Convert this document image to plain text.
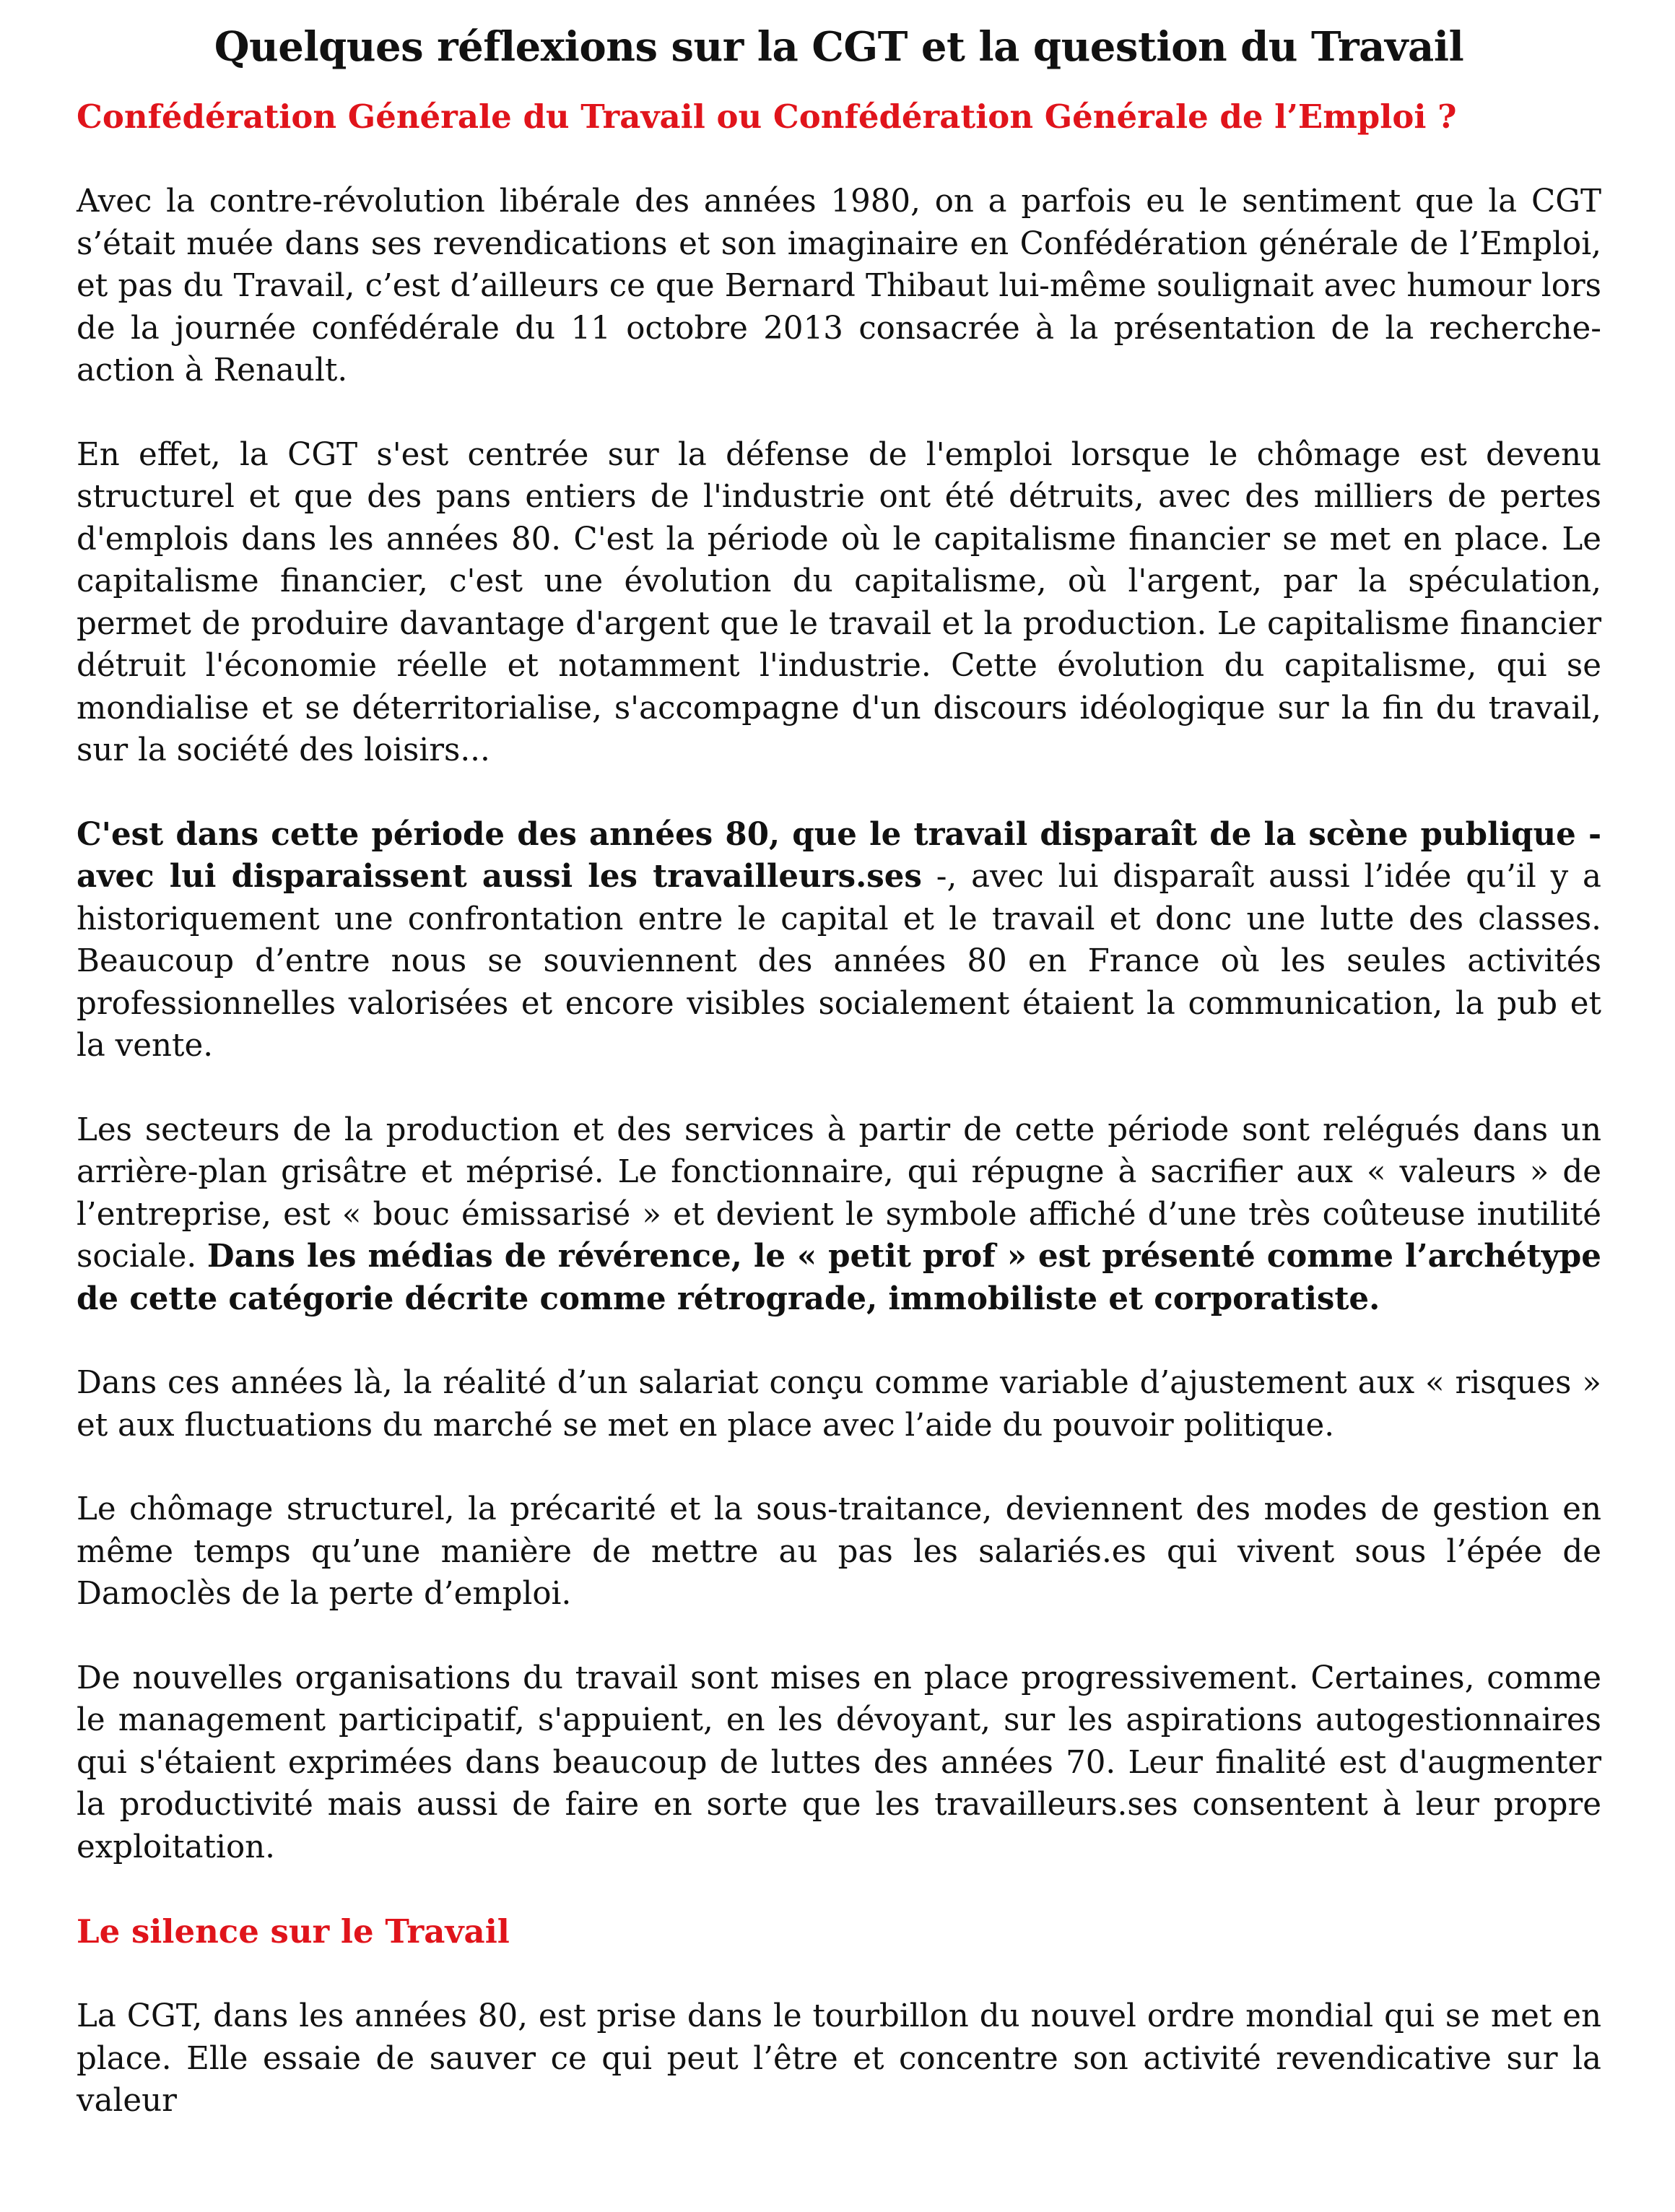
Quelques réflexions sur la CGT et la question du Travail
Confédération Générale du Travail ou Confédération Générale de l’Emploi ?

Avec la contre-révolution libérale des années 1980, on a parfois eu le sentiment que la CGT s’était muée dans ses revendications et son imaginaire en Confédération générale de l’Emploi, et pas du Travail, c’est d’ailleurs ce que Bernard Thibaut lui-même soulignait avec humour lors de la journée confédérale du 11 octobre 2013 consacrée à la présentation de la recherche-action à Renault.

En effet, la CGT s'est centrée sur la défense de l'emploi lorsque le chômage est devenu structurel et que des pans entiers de l'industrie ont été détruits, avec des milliers de pertes d'emplois dans les années 80. C'est la période où le capitalisme financier se met en place. Le capitalisme financier, c'est une évolution du capitalisme, où l'argent, par la spéculation, permet de produire davantage d'argent que le travail et la production. Le capitalisme financier détruit l'économie réelle et notamment l'industrie. Cette évolution du capitalisme, qui se mondialise et se déterritorialise, s'accompagne d'un discours idéologique sur la fin du travail, sur la société des loisirs...

C'est dans cette période des années 80, que le travail disparaît de la scène publique - avec lui disparaissent aussi les travailleurs.ses -, avec lui disparaît aussi l’idée qu’il y a historiquement une confrontation entre le capital et le travail et donc une lutte des classes. Beaucoup d’entre nous se souviennent des années 80 en France où les seules activités professionnelles valorisées et encore visibles socialement étaient la communication, la pub et la vente.

Les secteurs de la production et des services à partir de cette période sont relégués dans un arrière-plan grisâtre et méprisé. Le fonctionnaire, qui répugne à sacrifier aux « valeurs » de l’entreprise, est « bouc émissarisé » et devient le symbole affiché d’une très coûteuse inutilité sociale. Dans les médias de révérence, le « petit prof » est présenté comme l’archétype de cette catégorie décrite comme rétrograde, immobiliste et corporatiste.

Dans ces années là, la réalité d’un salariat conçu comme variable d’ajustement aux « risques » et aux fluctuations du marché se met en place avec l’aide du pouvoir politique.

Le chômage structurel, la précarité et la sous-traitance, deviennent des modes de gestion en même temps qu’une manière de mettre au pas les salariés.es qui vivent sous l’épée de Damoclès de la perte d’emploi.

De nouvelles organisations du travail sont mises en place progressivement. Certaines, comme le management participatif, s'appuient, en les dévoyant, sur les aspirations autogestionnaires qui s'étaient exprimées dans beaucoup de luttes des années 70. Leur finalité est d'augmenter la productivité mais aussi de faire en sorte que les travailleurs.ses consentent à leur propre exploitation.

Le silence sur le Travail

La CGT, dans les années 80, est prise dans le tourbillon du nouvel ordre mondial qui se met en place. Elle essaie de sauver ce qui peut l’être et concentre son activité revendicative sur la valeur
